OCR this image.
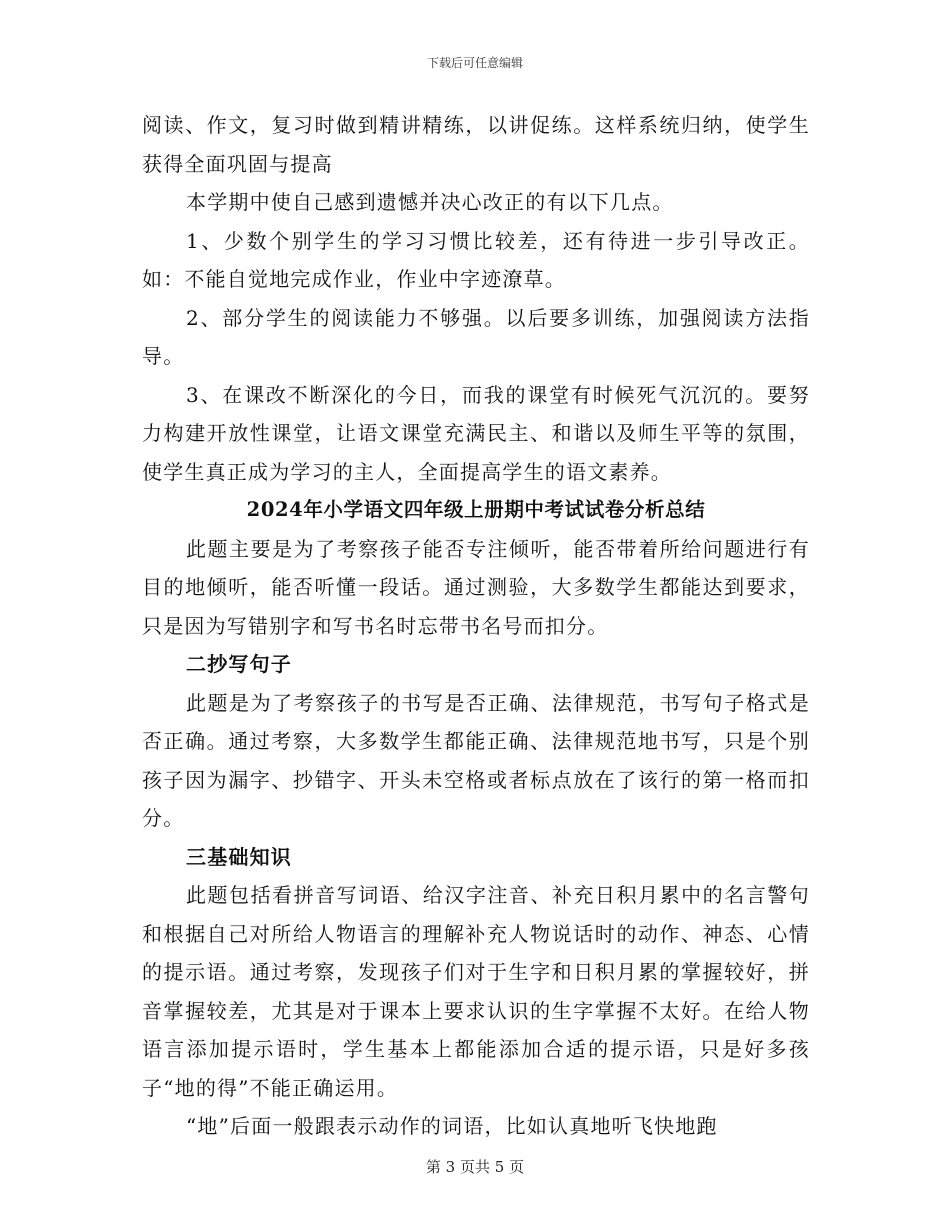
下载后可任意编辑

阅读、作文，复习时做到精讲精练，以讲促练。这样系统归纳，使学生获得全面巩固与提高

本学期中使自己感到遗憾并决心改正的有以下几点。

1、少数个别学生的学习习惯比较差，还有待进一步引导改正。如：不能自觉地完成作业，作业中字迹潦草。

2、部分学生的阅读能力不够强。以后要多训练，加强阅读方法指导。

3、在课改不断深化的今日，而我的课堂有时候死气沉沉的。要努力构建开放性课堂，让语文课堂充满民主、和谐以及师生平等的氛围，使学生真正成为学习的主人，全面提高学生的语文素养。

2024年小学语文四年级上册期中考试试卷分析总结

此题主要是为了考察孩子能否专注倾听，能否带着所给问题进行有目的地倾听，能否听懂一段话。通过测验，大多数学生都能达到要求，只是因为写错别字和写书名时忘带书名号而扣分。

二抄写句子

此题是为了考察孩子的书写是否正确、法律规范，书写句子格式是否正确。通过考察，大多数学生都能正确、法律规范地书写，只是个别孩子因为漏字、抄错字、开头未空格或者标点放在了该行的第一格而扣分。

三基础知识

此题包括看拼音写词语、给汉字注音、补充日积月累中的名言警句和根据自己对所给人物语言的理解补充人物说话时的动作、神态、心情的提示语。通过考察，发现孩子们对于生字和日积月累的掌握较好，拼音掌握较差，尤其是对于课本上要求认识的生字掌握不太好。在给人物语言添加提示语时，学生基本上都能添加合适的提示语，只是好多孩子“地的得”不能正确运用。

“地”后面一般跟表示动作的词语，比如认真地听飞快地跑

第 3 页共 5 页
